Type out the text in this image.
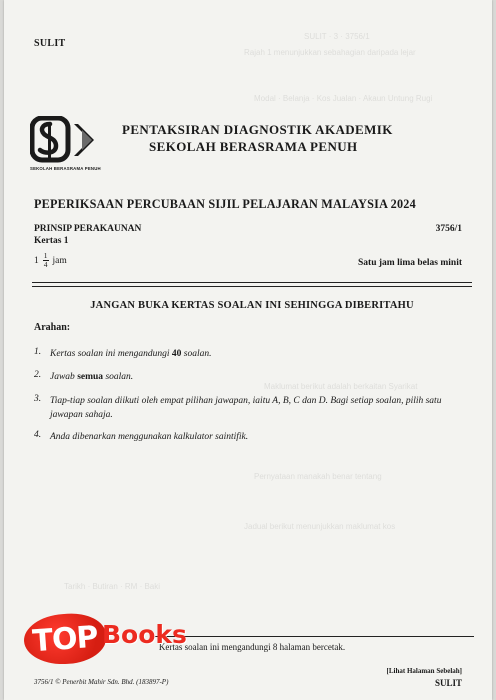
SULIT · 3 · 3756/1
Rajah 1 menunjukkan sebahagian daripada lejar
Modal · Belanja · Kos Jualan · Akaun Untung Rugi
Maklumat berikut adalah berkaitan Syarikat
Pernyataan manakah benar tentang
Jadual berikut menunjukkan maklumat kos
Tarikh · Butiran · RM · Baki
SULIT
SEKOLAH BERASRAMA PENUH
PENTAKSIRAN DIAGNOSTIK AKADEMIK
SEKOLAH BERASRAMA PENUH
PEPERIKSAAN PERCUBAAN SIJIL PELAJARAN MALAYSIA 2024
PRINSIP PERAKAUNAN	3756/1
Kertas 1
$1 \frac{1}{4}$ jam	Satu jam lima belas minit
JANGAN BUKA KERTAS SOALAN INI SEHINGGA DIBERITAHU
Arahan:
1. Kertas soalan ini mengandungi 40 soalan.
2. Jawab semua soalan.
3. Tiap-tiap soalan diikuti oleh empat pilihan jawapan, iaitu A, B, C dan D. Bagi setiap soalan, pilih satu jawapan sahaja.
4. Anda dibenarkan menggunakan kalkulator saintifik.
Kertas soalan ini mengandungi 8 halaman bercetak.
TOP Books
3756/1 © Penerbit Mahir Sdn. Bhd. (183897-P)
[Lihat Halaman Sebelah]
SULIT
